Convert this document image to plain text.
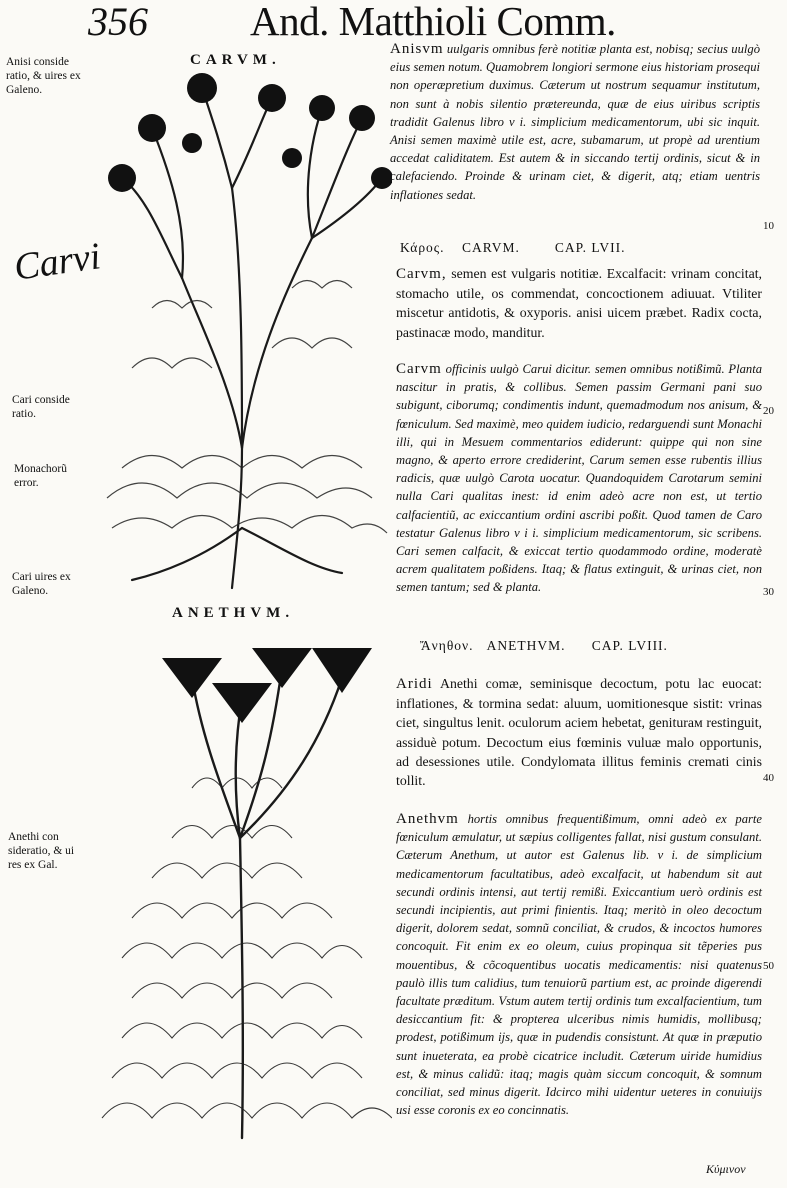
356 And. Matthioli Comm.
Carvi
Anisi conside ratio, & uires ex Galeno.
Cari conside ratio.
Monachorũ error.
Cari uires ex Galeno.
Anethi con sideratio, & ui res ex Gal.
10
20
30
40
50
CARVM.
ANETHVM.
Anisvm uulgaris omnibus ferè notitiæ planta est, nobisq; secius uulgò eius semen notum. Quamobrem longiori sermone eius historiam prosequi non operæpretium duximus. Cæterum ut nostrum sequamur institutum, non sunt à nobis silentio prætereunda, quæ de eius uiribus scriptis tradidit Galenus libro v i. simplicium medicamentorum, ubi sic inquit. Anisi semen maximè utile est, acre, subamarum, ut propè ad urentium accedat caliditatem. Est autem & in siccando tertij ordinis, sicut & in calefaciendo. Proinde & urinam ciet, & digerit, atq; etiam uentris inflationes sedat.
Κάρος. CARVM.	CAP. LVII.
Carvm, semen est vulgaris notitiæ. Excalfacit: vrinam concitat, stomacho utile, os commendat, concoctionem adiuuat. Vtiliter miscetur antidotis, & oxyporis. anisi uicem præbet. Radix cocta, pastinacæ modo, manditur.
Carvm officinis uulgò Carui dicitur. semen omnibus notißimũ. Planta nascitur in pratis, & collibus. Semen passim Germani pani suo subigunt, ciborumq; condimentis indunt, quemadmodum nos anisum, & fœniculum. Sed maximè, meo quidem iudicio, redarguendi sunt Monachi illi, qui in Mesuem commentarios ediderunt: quippe qui non sine magno, & aperto errore crediderint, Carum semen esse rubentis illius radicis, quæ uulgò Carota uocatur. Quandoquidem Carotarum semini nulla Cari qualitas inest: id enim adeò acre non est, ut tertio calfacientiũ, ac exiccantium ordini ascribi poßit. Quod tamen de Caro testatur Galenus libro v i i. simplicium medicamentorum, sic scribens. Cari semen calfacit, & exiccat tertio quodammodo ordine, moderatè acrem qualitatem poßidens. Itaq; & flatus extinguit, & urinas ciet, non semen tantum; sed & planta.
Ἄνηθον. ANETHVM. CAP. LVIII.
Aridi Anethi comæ, seminisque decoctum, potu lac euocat: inflationes, & tormina sedat: aluum, uomitionesque sistit: vrinas ciet, singultus lenit. oculorum aciem hebetat, geniturам restinguit, assiduè potum. Decoctum eius fœminis vuluæ malo opportunis, ad desessiones utile. Condylomata illitus feminis cremati cinis tollit.
Anethvm hortis omnibus frequentißimum, omni adeò ex parte fœniculum æmulatur, ut sæpius colligentes fallat, nisi gustum consulant. Cæterum Anethum, ut autor est Galenus lib. v i. de simplicium medicamentorum facultatibus, adeò excalfacit, ut habendum sit aut secundi ordinis intensi, aut tertij remißi. Exiccantium uerò ordinis est secundi incipientis, aut primi finientis. Itaq; meritò in oleo decoctum digerit, dolorem sedat, somnũ conciliat, & crudos, & incoctos humores concoquit. Fit enim ex eo oleum, cuius propinqua sit tẽperies pus mouentibus, & cõcoquentibus uocatis medicamentis: nisi quatenus paulò illis tum calidius, tum tenuiorũ partium est, ac proinde digerendi facultate præditum. Vstum autem tertij ordinis tum excalfacientium, tum desiccantium fit: & propterea ulceribus nimis humidis, mollibusq; prodest, potißimum ijs, quæ in pudendis consistunt. At quæ in præputio sunt inueterata, ea probè cicatrice includit. Cæterum uiride humidius est, & minus calidũ: itaq; magis quàm siccum concoquit, & somnum conciliat, sed minus digerit. Idcirco mihi uidentur ueteres in conuiuijs usi esse coronis ex eo concinnatis.
Κύμινον
